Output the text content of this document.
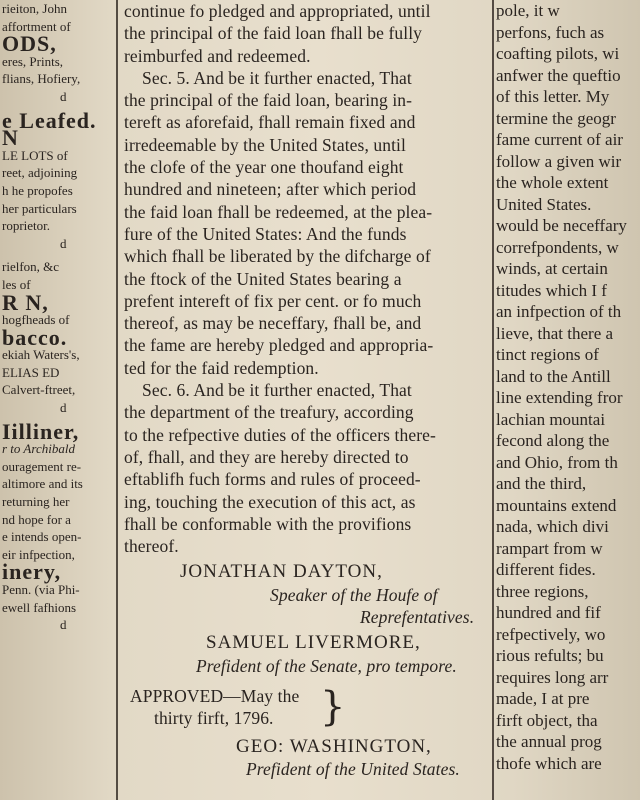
rieiton, John
affortment of
ODS,
eres, Prints,
flians, Hofiery,
d
e Leafed.
N
LE LOTS of
reet, adjoining
h he propofes
her particulars
roprietor.
d
rielfon, &c
les of
R N,
hogfheads of
bacco.
ekiah Waters's,
ELIAS ED
Calvert-ftreet,
d
Iilliner,
r to Archibald
ouragement re-
altimore and its
returning her
nd hope for a
e intends open-
eir infpection,
inery,
Penn. (via Phi-
ewell fafhions
d
continue fo pledged and appropriated, until
the principal of the faid loan fhall be fully
reimburfed and redeemed.
Sec. 5. And be it further enacted, That
the principal of the faid loan, bearing in-
tereft as aforefaid, fhall remain fixed and
irredeemable by the United States, until
the clofe of the year one thoufand eight
hundred and nineteen; after which period
the faid loan fhall be redeemed, at the plea-
fure of the United States: And the funds
which fhall be liberated by the difcharge of
the ftock of the United States bearing a
prefent intereft of fix per cent. or fo much
thereof, as may be neceffary, fhall be, and
the fame are hereby pledged and appropria-
ted for the faid redemption.
Sec. 6. And be it further enacted, That
the department of the treafury, according
to the refpective duties of the officers there-
of, fhall, and they are hereby directed to
eftablifh fuch forms and rules of proceed-
ing, touching the execution of this act, as
fhall be conformable with the provifions
thereof.
JONATHAN DAYTON,
Speaker of the Houfe of
Reprefentatives.
SAMUEL LIVERMORE,
Prefident of the Senate, pro tempore.
APPROVED—May the
thirty firft, 1796.	}
GEO: WASHINGTON,
Prefident of the United States.
pole, it w
perfons, fuch as
coafting pilots, wi
anfwer the queftio
of this letter. My
termine the geogr
fame current of air
follow a given wir
the whole extent
United States.
would be neceffary
correfpondents, w
winds, at certain
titudes which I f
an infpection of th
lieve, that there a
tinct regions of
land to the Antill
line extending fror
lachian mountai
fecond along the
and Ohio, from th
and the third,
mountains extend
nada, which divi
rampart from w
different fides.
three regions,
hundred and fif
refpectively, wo
rious refults; bu
requires long arr
made, I at pre
firft object, tha
the annual prog
thofe which are
